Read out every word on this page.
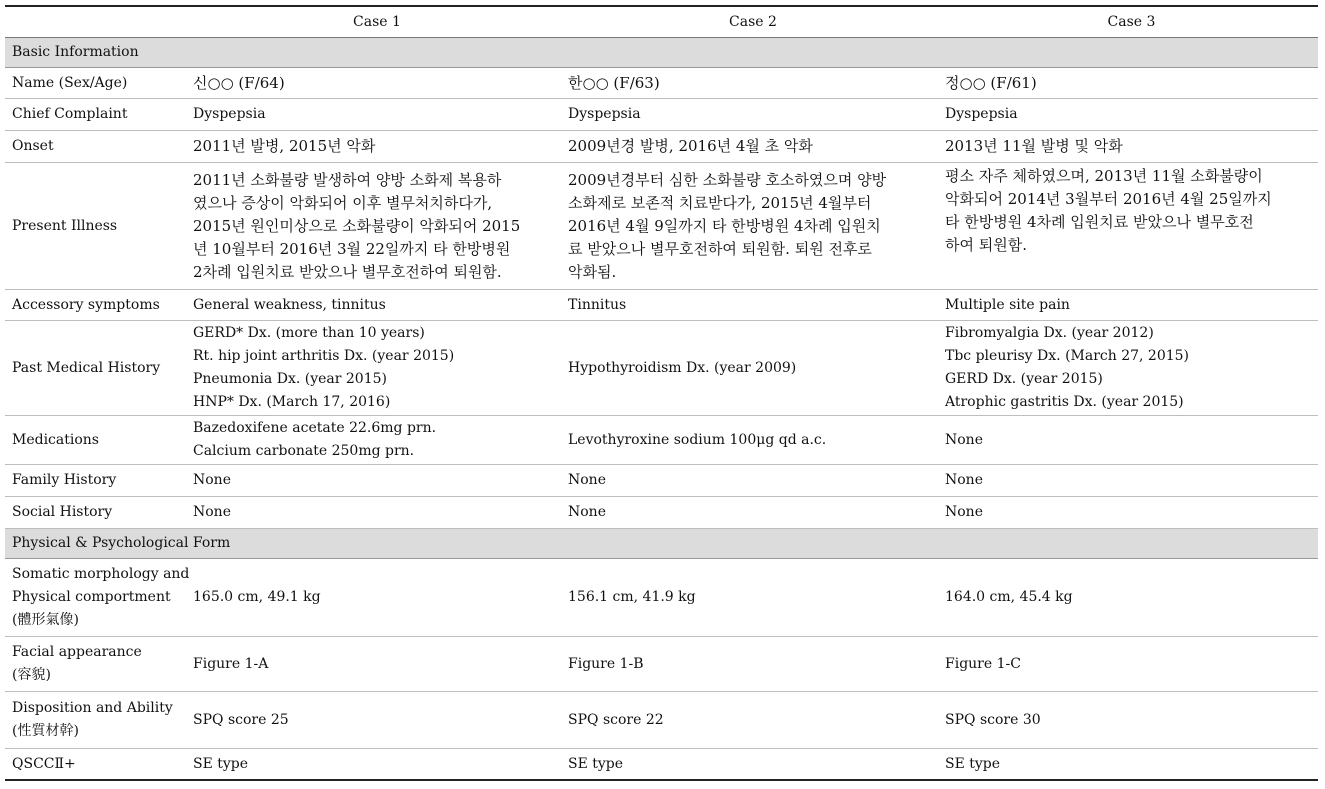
	Case 1	Case 2	Case 3
Basic Information			
Name (Sex/Age)	신○○ (F/64)	한○○ (F/63)	정○○ (F/61)
Chief Complaint	Dyspepsia	Dyspepsia	Dyspepsia
Onset	2011년 발병, 2015년 악화	2009년경 발병, 2016년 4월 초 악화	2013년 11월 발병 및 악화
Present Illness	2011년 소화불량 발생하여 양방 소화제 복용하
였으나 증상이 악화되어 이후 별무처치하다가,
2015년 원인미상으로 소화불량이 악화되어 2015
년 10월부터 2016년 3월 22일까지 타 한방병원
2차례 입원치료 받았으나 별무호전하여 퇴원함.	2009년경부터 심한 소화불량 호소하였으며 양방
소화제로 보존적 치료받다가, 2015년 4월부터
2016년 4월 9일까지 타 한방병원 4차례 입원치
료 받았으나 별무호전하여 퇴원함. 퇴원 전후로
악화됨.	평소 자주 체하였으며, 2013년 11월 소화불량이
악화되어 2014년 3월부터 2016년 4월 25일까지
타 한방병원 4차례 입원치료 받았으나 별무호전
하여 퇴원함.

Accessory symptoms	General weakness, tinnitus	Tinnitus	Multiple site pain
Past Medical History	GERD* Dx. (more than 10 years)
Rt. hip joint arthritis Dx. (year 2015)
Pneumonia Dx. (year 2015)
HNP* Dx. (March 17, 2016)	Hypothyroidism Dx. (year 2009)	Fibromyalgia Dx. (year 2012)
Tbc pleurisy Dx. (March 27, 2015)
GERD Dx. (year 2015)
Atrophic gastritis Dx. (year 2015)

Medications	Bazedoxifene acetate 22.6mg prn.
Calcium carbonate 250mg prn.	Levothyroxine sodium 100μg qd a.c.	None
Family History	None	None	None
Social History	None	None	None
Physical & Psychological Form			

Somatic morphology and
Physical comportment
(體形氣像)	165.0 cm, 49.1 kg	156.1 cm, 41.9 kg	164.0 cm, 45.4 kg

Facial appearance
(容貌)	Figure 1-A	Figure 1-B	Figure 1-C

Disposition and Ability
(性質材幹)	SPQ score 25	SPQ score 22	SPQ score 30
QSCCⅡ+	SE type	SE type	SE type
